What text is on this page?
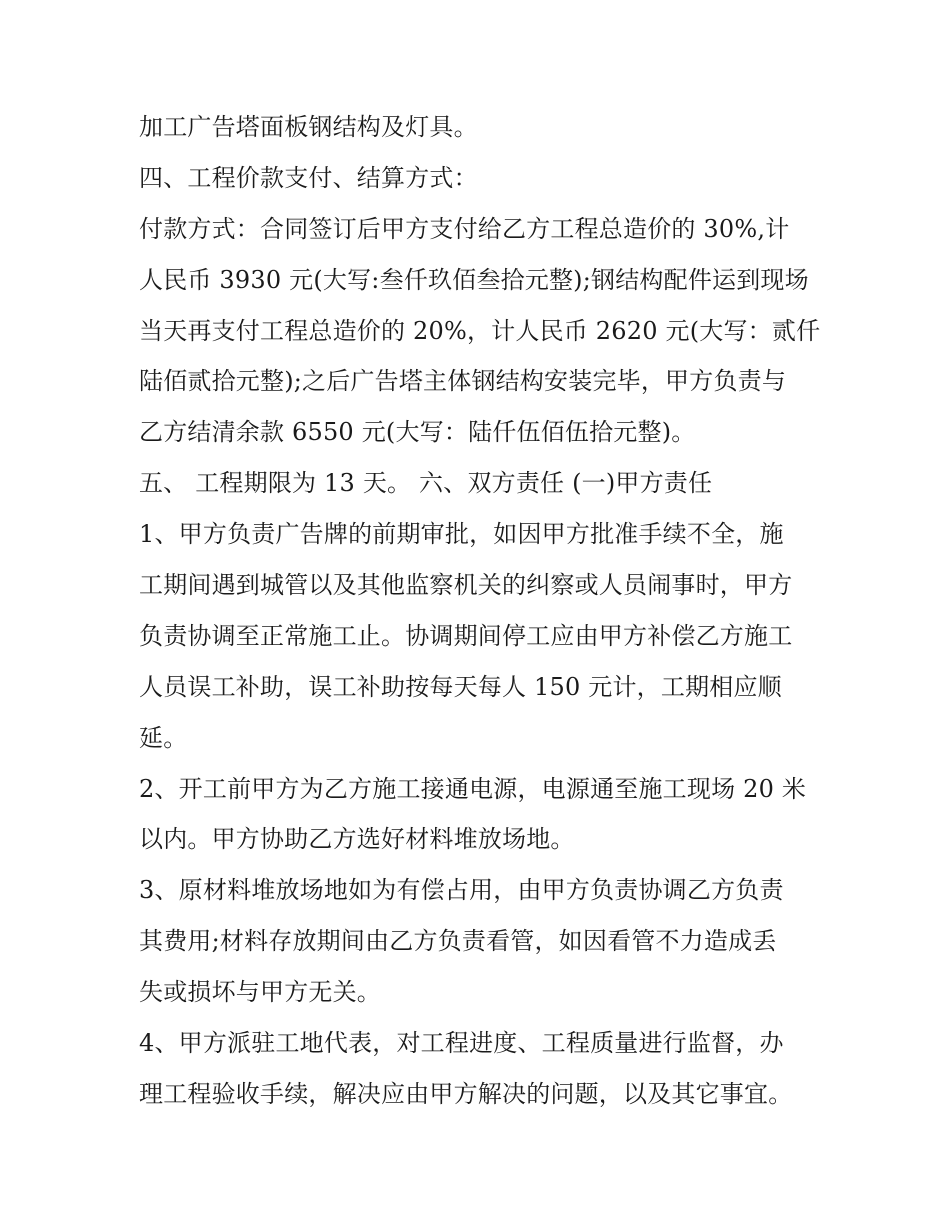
加工广告塔面板钢结构及灯具。
四、工程价款支付、结算方式：
付款方式：合同签订后甲方支付给乙方工程总造价的 30%,计
人民币 3930 元(大写:叁仟玖佰叁拾元整);钢结构配件运到现场
当天再支付工程总造价的 20%，计人民币 2620 元(大写：贰仟
陆佰贰拾元整);之后广告塔主体钢结构安装完毕，甲方负责与
乙方结清余款 6550 元(大写：陆仟伍佰伍拾元整)。
五、 工程期限为 13 天。 六、双方责任 (一)甲方责任
1、甲方负责广告牌的前期审批，如因甲方批准手续不全，施
工期间遇到城管以及其他监察机关的纠察或人员闹事时，甲方
负责协调至正常施工止。协调期间停工应由甲方补偿乙方施工
人员误工补助，误工补助按每天每人 150 元计，工期相应顺
延。
2、开工前甲方为乙方施工接通电源，电源通至施工现场 20 米
以内。甲方协助乙方选好材料堆放场地。
3、原材料堆放场地如为有偿占用，由甲方负责协调乙方负责
其费用;材料存放期间由乙方负责看管，如因看管不力造成丢
失或损坏与甲方无关。
4、甲方派驻工地代表，对工程进度、工程质量进行监督，办
理工程验收手续，解决应由甲方解决的问题，以及其它事宜。
